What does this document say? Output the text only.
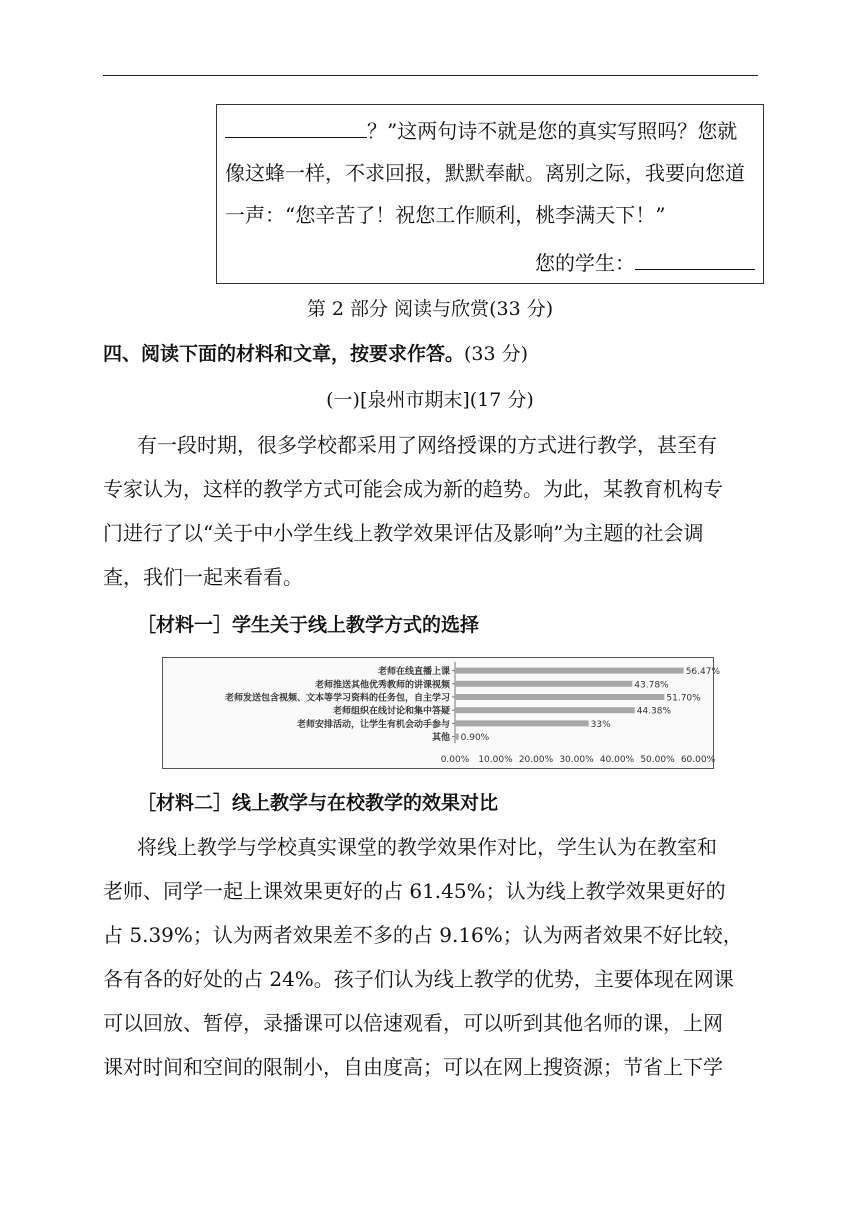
？”这两句诗不就是您的真实写照吗？您就
像这蜂一样，不求回报，默默奉献。离别之际，我要向您道
一声：“您辛苦了！祝您工作顺利，桃李满天下！”
您的学生：
第 2 部分 阅读与欣赏(33 分)
四、阅读下面的材料和文章，按要求作答。(33 分)
(一)[泉州市期末](17 分)
有一段时期，很多学校都采用了网络授课的方式进行教学，甚至有
专家认为，这样的教学方式可能会成为新的趋势。为此，某教育机构专
门进行了以“关于中小学生线上教学效果评估及影响”为主题的社会调
查，我们一起来看看。
［材料一］学生关于线上教学方式的选择
老师在线直播上课	56.47%
老师推送其他优秀教师的讲课视频	43.78%
老师发送包含视频、文本等学习资料的任务包，自主学习	51.70%
老师组织在线讨论和集中答疑	44.38%
老师安排活动，让学生有机会动手参与	33%
其他 0.90%
0.00% 10.00% 20.00% 30.00% 40.00% 50.00% 60.00%
［材料二］线上教学与在校教学的效果对比
将线上教学与学校真实课堂的教学效果作对比，学生认为在教室和
老师、同学一起上课效果更好的占 61.45%；认为线上教学效果更好的
占 5.39%；认为两者效果差不多的占 9.16%；认为两者效果不好比较，
各有各的好处的占 24%。孩子们认为线上教学的优势，主要体现在网课
可以回放、暂停，录播课可以倍速观看，可以听到其他名师的课，上网
课对时间和空间的限制小，自由度高；可以在网上搜资源；节省上下学
